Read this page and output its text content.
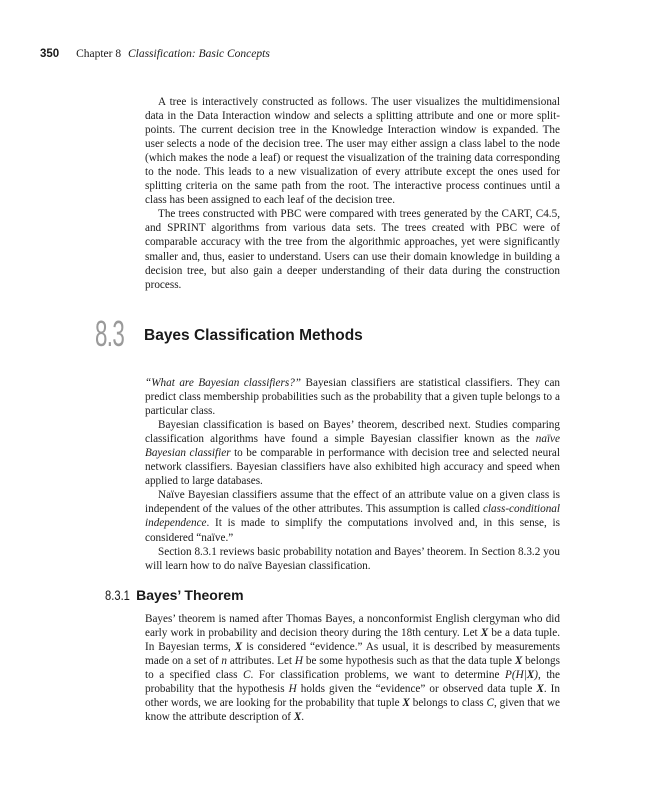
350 Chapter 8 Classification: Basic Concepts

A tree is interactively constructed as follows. The user visualizes the multidimensional data in the Data Interaction window and selects a splitting attribute and one or more split-points. The current decision tree in the Knowledge Interaction window is expanded. The user selects a node of the decision tree. The user may either assign a class label to the node (which makes the node a leaf) or request the visualization of the training data corresponding to the node. This leads to a new visualization of every attribute except the ones used for splitting criteria on the same path from the root. The interactive process continues until a class has been assigned to each leaf of the decision tree.

The trees constructed with PBC were compared with trees generated by the CART, C4.5, and SPRINT algorithms from various data sets. The trees created with PBC were of comparable accuracy with the tree from the algorithmic approaches, yet were significantly smaller and, thus, easier to understand. Users can use their domain knowledge in building a decision tree, but also gain a deeper understanding of their data during the construction process.

8.3 Bayes Classification Methods

“What are Bayesian classifiers?” Bayesian classifiers are statistical classifiers. They can predict class membership probabilities such as the probability that a given tuple belongs to a particular class.

Bayesian classification is based on Bayes’ theorem, described next. Studies comparing classification algorithms have found a simple Bayesian classifier known as the naïve Bayesian classifier to be comparable in performance with decision tree and selected neural network classifiers. Bayesian classifiers have also exhibited high accuracy and speed when applied to large databases.

Naïve Bayesian classifiers assume that the effect of an attribute value on a given class is independent of the values of the other attributes. This assumption is called class-conditional independence. It is made to simplify the computations involved and, in this sense, is considered “naïve.”

Section 8.3.1 reviews basic probability notation and Bayes’ theorem. In Section 8.3.2 you will learn how to do naïve Bayesian classification.

8.3.1 Bayes’ Theorem

Bayes’ theorem is named after Thomas Bayes, a nonconformist English clergyman who did early work in probability and decision theory during the 18th century. Let X be a data tuple. In Bayesian terms, X is considered “evidence.” As usual, it is described by measurements made on a set of n attributes. Let H be some hypothesis such as that the data tuple X belongs to a specified class C. For classification problems, we want to determine P(H|X), the probability that the hypothesis H holds given the “evidence” or observed data tuple X. In other words, we are looking for the probability that tuple X belongs to class C, given that we know the attribute description of X.
